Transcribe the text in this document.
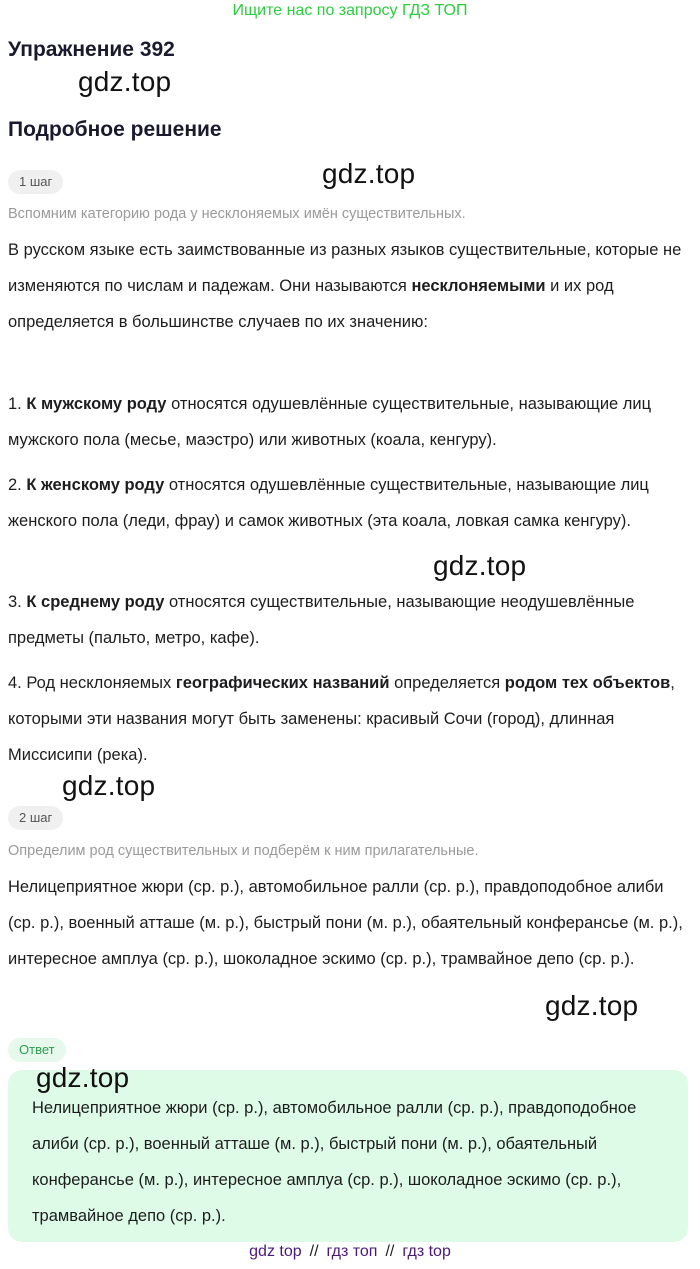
Ищите нас по запросу ГДЗ ТОП
Упражнение 392
gdz.top
Подробное решение
gdz.top
1 шаг
Вспомним категорию рода у несклоняемых имён существительных.
В русском языке есть заимствованные из разных языков существительные, которые не изменяются по числам и падежам. Они называются несклоняемыми и их род определяется в большинстве случаев по их значению:
1. К мужскому роду относятся одушевлённые существительные, называющие лиц мужского пола (месье, маэстро) или животных (коала, кенгуру).
2. К женскому роду относятся одушевлённые существительные, называющие лиц женского пола (леди, фрау) и самок животных (эта коала, ловкая самка кенгуру).
gdz.top
3. К среднему роду относятся существительные, называющие неодушевлённые предметы (пальто, метро, кафе).
4. Род несклоняемых географических названий определяется родом тех объектов, которыми эти названия могут быть заменены: красивый Сочи (город), длинная Миссисипи (река).
gdz.top
2 шаг
Определим род существительных и подберём к ним прилагательные.
Нелицеприятное жюри (ср. р.), автомобильное ралли (ср. р.), правдоподобное алиби (ср. р.), военный атташе (м. р.), быстрый пони (м. р.), обаятельный конферансье (м. р.), интересное амплуа (ср. р.), шоколадное эскимо (ср. р.), трамвайное депо (ср. р.).
gdz.top
Ответ
Нелицеприятное жюри (ср. р.), автомобильное ралли (ср. р.), правдоподобное алиби (ср. р.), военный атташе (м. р.), быстрый пони (м. р.), обаятельный конферансье (м. р.), интересное амплуа (ср. р.), шоколадное эскимо (ср. р.), трамвайное депо (ср. р.).
gdz.top
gdz top // гдз топ // гдз top
